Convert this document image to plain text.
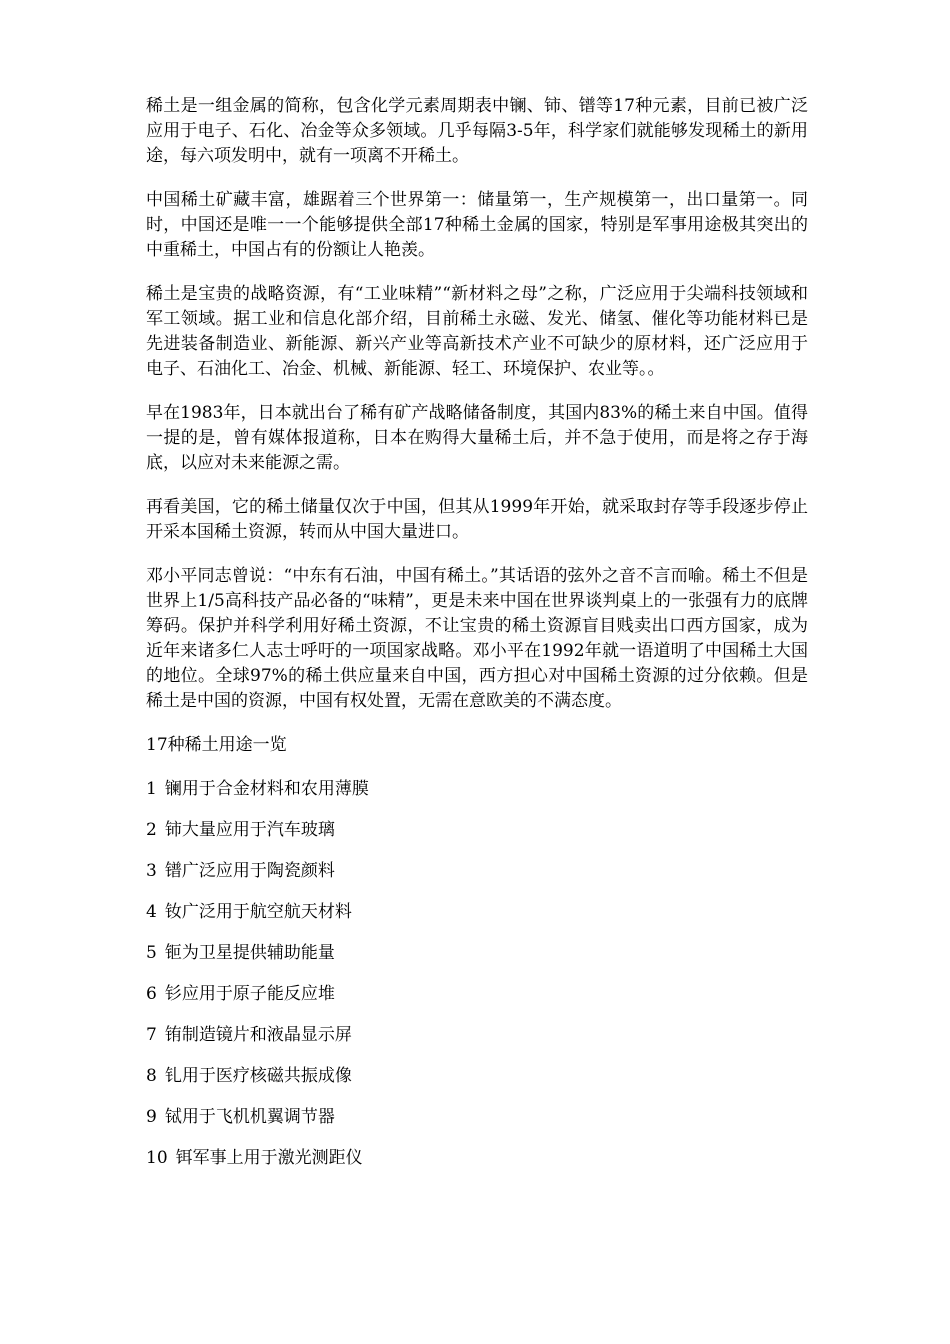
稀土是一组金属的简称，包含化学元素周期表中镧、铈、镨等17种元素，目前已被广泛应用于电子、石化、冶金等众多领域。几乎每隔3-5年，科学家们就能够发现稀土的新用途，每六项发明中，就有一项离不开稀土。

中国稀土矿藏丰富，雄踞着三个世界第一：储量第一，生产规模第一，出口量第一。同时，中国还是唯一一个能够提供全部17种稀土金属的国家，特别是军事用途极其突出的中重稀土，中国占有的份额让人艳羡。

稀土是宝贵的战略资源，有“工业味精”“新材料之母”之称，广泛应用于尖端科技领域和军工领域。据工业和信息化部介绍，目前稀土永磁、发光、储氢、催化等功能材料已是先进装备制造业、新能源、新兴产业等高新技术产业不可缺少的原材料，还广泛应用于电子、石油化工、冶金、机械、新能源、轻工、环境保护、农业等。。

早在1983年，日本就出台了稀有矿产战略储备制度，其国内83%的稀土来自中国。值得一提的是，曾有媒体报道称，日本在购得大量稀土后，并不急于使用，而是将之存于海底，以应对未来能源之需。

再看美国，它的稀土储量仅次于中国，但其从1999年开始，就采取封存等手段逐步停止开采本国稀土资源，转而从中国大量进口。

邓小平同志曾说：“中东有石油，中国有稀土。”其话语的弦外之音不言而喻。稀土不但是世界上1/5高科技产品必备的“味精”，更是未来中国在世界谈判桌上的一张强有力的底牌筹码。保护并科学利用好稀土资源，不让宝贵的稀土资源盲目贱卖出口西方国家，成为近年来诸多仁人志士呼吁的一项国家战略。邓小平在1992年就一语道明了中国稀土大国的地位。全球97%的稀土供应量来自中国，西方担心对中国稀土资源的过分依赖。但是稀土是中国的资源，中国有权处置，无需在意欧美的不满态度。

17种稀土用途一览

1 镧用于合金材料和农用薄膜
2 铈大量应用于汽车玻璃
3 镨广泛应用于陶瓷颜料
4 钕广泛用于航空航天材料
5 钷为卫星提供辅助能量
6 钐应用于原子能反应堆
7 铕制造镜片和液晶显示屏
8 钆用于医疗核磁共振成像
9 铽用于飞机机翼调节器
10 铒军事上用于激光测距仪
